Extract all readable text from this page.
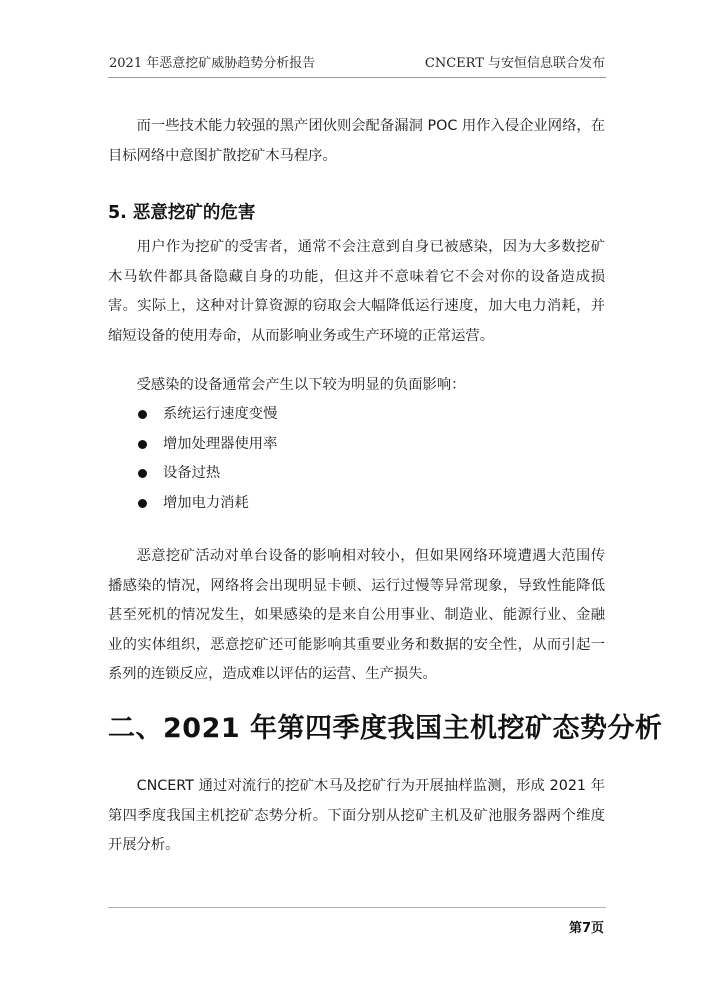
2021 年恶意挖矿威胁趋势分析报告	CNCERT 与安恒信息联合发布

而一些技术能力较强的黑产团伙则会配备漏洞 POC 用作入侵企业网络，在目标网络中意图扩散挖矿木马程序。

5. 恶意挖矿的危害

用户作为挖矿的受害者，通常不会注意到自身已被感染，因为大多数挖矿木马软件都具备隐藏自身的功能，但这并不意味着它不会对你的设备造成损害。实际上，这种对计算资源的窃取会大幅降低运行速度，加大电力消耗，并缩短设备的使用寿命，从而影响业务或生产环境的正常运营。

受感染的设备通常会产生以下较为明显的负面影响：

系统运行速度变慢
增加处理器使用率
设备过热
增加电力消耗

恶意挖矿活动对单台设备的影响相对较小，但如果网络环境遭遇大范围传播感染的情况，网络将会出现明显卡顿、运行过慢等异常现象，导致性能降低甚至死机的情况发生，如果感染的是来自公用事业、制造业、能源行业、金融业的实体组织，恶意挖矿还可能影响其重要业务和数据的安全性，从而引起一系列的连锁反应，造成难以评估的运营、生产损失。

二、2021 年第四季度我国主机挖矿态势分析

CNCERT 通过对流行的挖矿木马及挖矿行为开展抽样监测，形成 2021 年第四季度我国主机挖矿态势分析。下面分别从挖矿主机及矿池服务器两个维度开展分析。

第7页
